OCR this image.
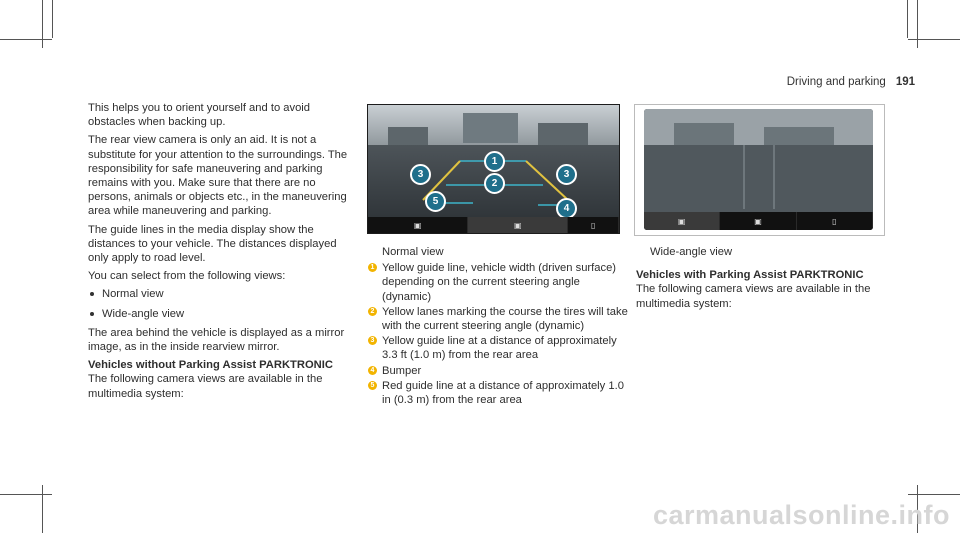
Driving and parking 191

This helps you to orient yourself and to avoid obstacles when backing up.

The rear view camera is only an aid. It is not a substitute for your attention to the surroundings. The responsibility for safe maneuvering and parking remains with you. Make sure that there are no persons, animals or objects etc., in the maneuvering area while maneuvering and parking.

The guide lines in the media display show the distances to your vehicle. The distances displayed only apply to road level.

You can select from the following views:

Normal view
Wide-angle view

The area behind the vehicle is displayed as a mirror image, as in the inside rearview mirror.

Vehicles without Parking Assist PARKTRONIC

The following camera views are available in the multimedia system:

1
2
3	3
4
5
▣	▣	▯

Normal view

1 Yellow guide line, vehicle width (driven surface) depending on the current steering angle (dynamic)
2 Yellow lanes marking the course the tires will take with the current steering angle (dynamic)
3 Yellow guide line at a distance of approximately 3.3 ft (1.0 m) from the rear area
4 Bumper
5 Red guide line at a distance of approximately 1.0 in (0.3 m) from the rear area
▣	▣	▯

Wide-angle view

Vehicles with Parking Assist PARKTRONIC

The following camera views are available in the multimedia system:

carmanualsonline.info
